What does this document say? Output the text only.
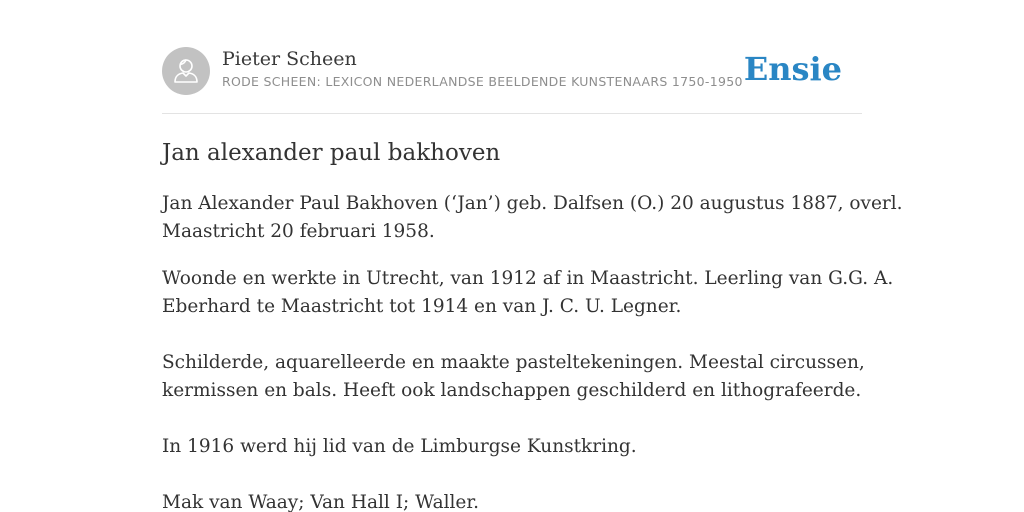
Pieter Scheen
RODE SCHEEN: LEXICON NEDERLANDSE BEELDENDE KUNSTENAARS 1750-1950 Ensie
Jan alexander paul bakhoven

Jan Alexander Paul Bakhoven (‘Jan’) geb. Dalfsen (O.) 20 augustus 1887, overl.
Maastricht 20 februari 1958.

Woonde en werkte in Utrecht, van 1912 af in Maastricht. Leerling van G.G. A.
Eberhard te Maastricht tot 1914 en van J. C. U. Legner.

Schilderde, aquarelleerde en maakte pasteltekeningen. Meestal circussen,
kermissen en bals. Heeft ook landschappen geschilderd en lithografeerde.

In 1916 werd hij lid van de Limburgse Kunstkring.

Mak van Waay; Van Hall I; Waller.
